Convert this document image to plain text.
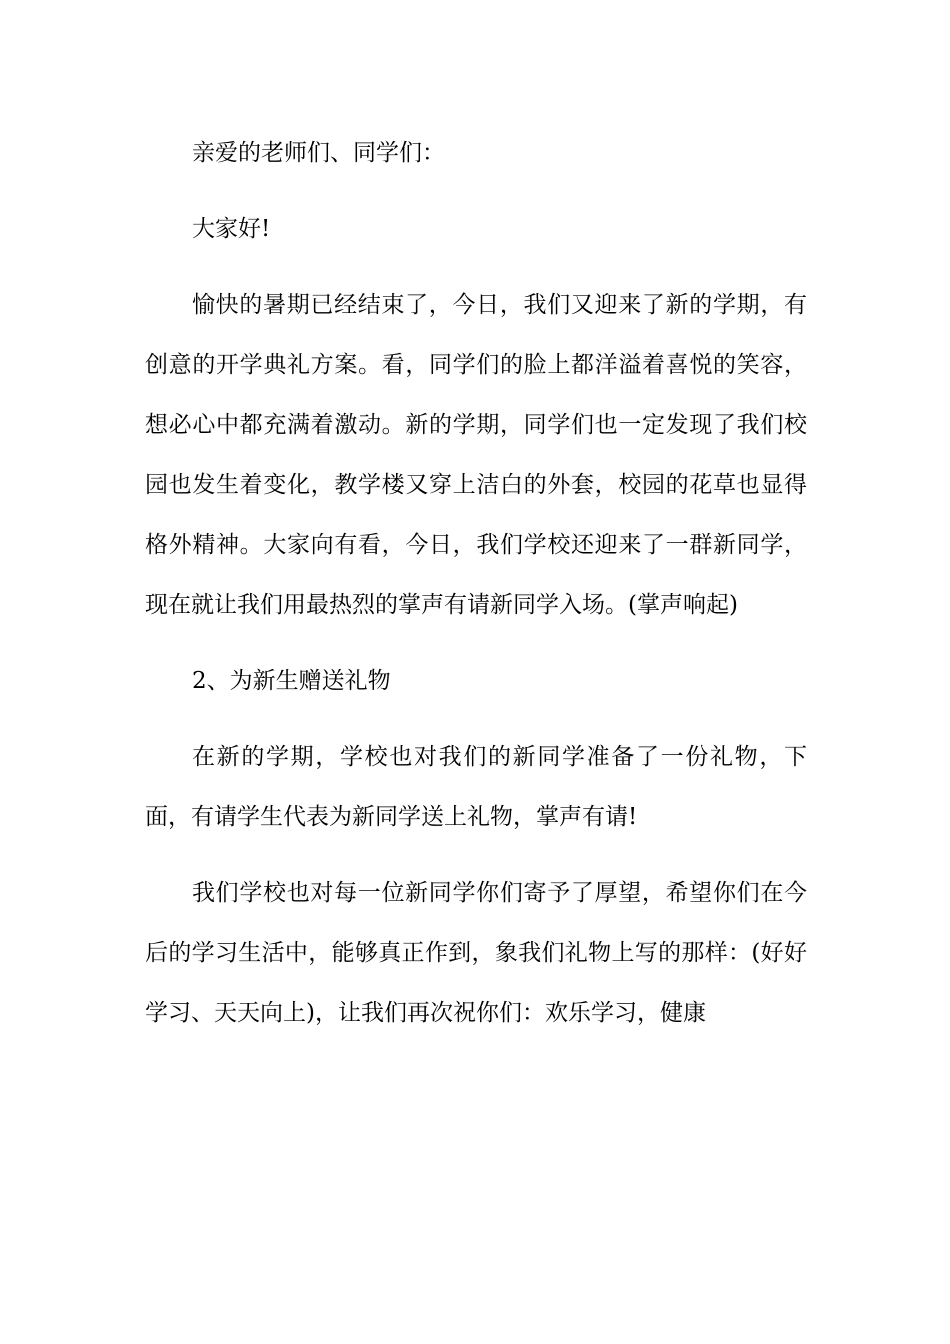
亲爱的老师们、同学们：

大家好!

愉快的暑期已经结束了，今日，我们又迎来了新的学期，有创意的开学典礼方案。看，同学们的脸上都洋溢着喜悦的笑容，想必心中都充满着激动。新的学期，同学们也一定发现了我们校园也发生着变化，教学楼又穿上洁白的外套，校园的花草也显得格外精神。大家向有看，今日，我们学校还迎来了一群新同学，现在就让我们用最热烈的掌声有请新同学入场。(掌声响起)

2、为新生赠送礼物

在新的学期，学校也对我们的新同学准备了一份礼物，下面，有请学生代表为新同学送上礼物，掌声有请!

我们学校也对每一位新同学你们寄予了厚望，希望你们在今后的学习生活中，能够真正作到，象我们礼物上写的那样：(好好学习、天天向上)，让我们再次祝你们：欢乐学习，健康
